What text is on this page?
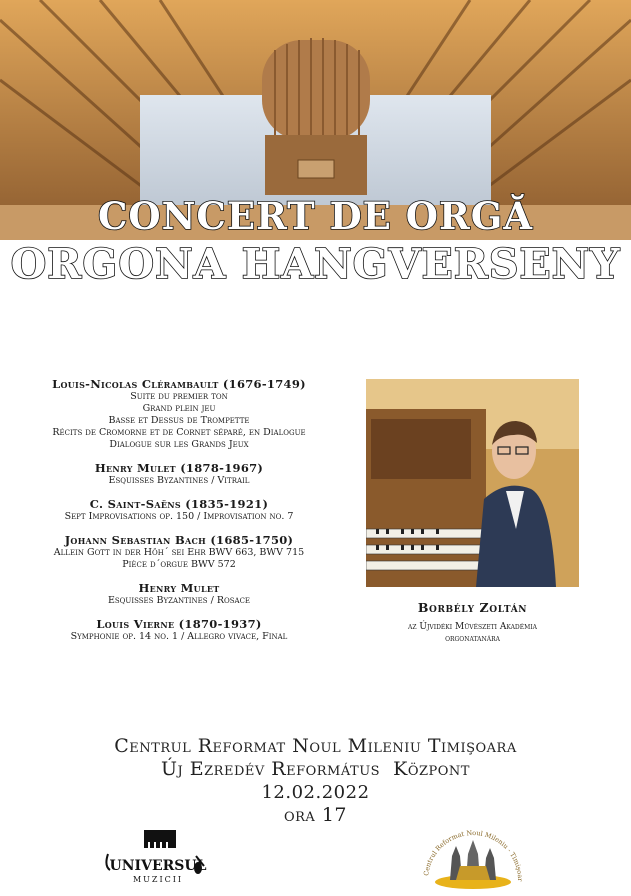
CONCERT DE ORGĂ
ORGONA HANGVERSENY
Louis-Nicolas Clérambault (1676-1749)
Suite du premier ton
Grand plein jeu
Basse et Dessus de Trompette
Récits de Cromorne et de Cornet séparé, en Dialogue
Dialogue sur les Grands Jeux
Henry Mulet (1878-1967)
Esquisses Byzantines / Vitrail
C. Saint-Saëns (1835-1921)
Sept Improvisations op. 150 / Improvisation no. 7
Johann Sebastian Bach (1685-1750)
Allein Gott in der Höh´ sei Ehr BWV 663, BWV 715
Pièce d´orgue BWV 572
Henry Mulet
Esquisses Byzantines / Rosace
Louis Vierne (1870-1937)
Symphonie op. 14 no. 1 / Allegro vivace, Final
Borbély Zoltán
az Újvidéki Művészeti Akadémia
orgonatanára
Centrul Reformat Noul Mileniu Timişoara
Új Ezredév Református  Központ
12.02.2022
ora 17
UNIVERSUL
MUZICII
Centrul Reformat Noul Mileniu - Timişoar
